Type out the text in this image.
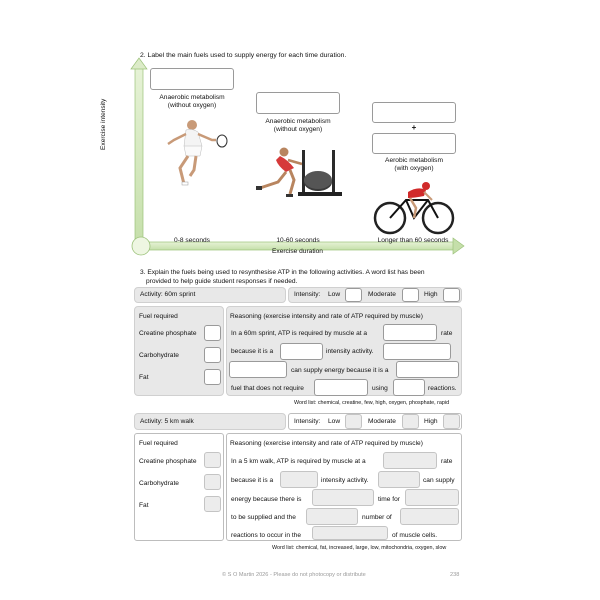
2. Label the main fuels used to supply energy for each time duration.
Exercise intensity
Exercise duration
Anaerobic metabolism
(without oxygen)
0-8 seconds
Anaerobic metabolism
(without oxygen)
10-60 seconds
+
Aerobic metabolism
(with oxygen)
Longer than 60 seconds
3. Explain the fuels being used to resynthesise ATP in the following activities. A word list has been
provided to help guide student responses if needed.
Activity: 60m sprint	Intensity: Low	Moderate	High
Fuel required
Creatine phosphate
Carbohydrate
Fat
Reasoning (exercise intensity and rate of ATP required by muscle)
In a 60m sprint, ATP is required by muscle at a	rate
because it is a	intensity activity.
can supply energy because it is a
fuel that does not require	using	reactions.
Word list: chemical, creatine, few, high, oxygen, phosphate, rapid
Activity: 5 km walk	Intensity: Low	Moderate	High
Fuel required
Creatine phosphate
Carbohydrate
Fat
Reasoning (exercise intensity and rate of ATP required by muscle)
In a 5 km walk, ATP is required by muscle at a	rate
because it is a	intensity activity.	can supply
energy because there is	time for
to be supplied and the	number of
reactions to occur in the	of muscle cells.
Word list: chemical, fat, increased, large, low, mitochondria, oxygen, slow
© S O Martin 2026 - Please do not photocopy or distribute	238
